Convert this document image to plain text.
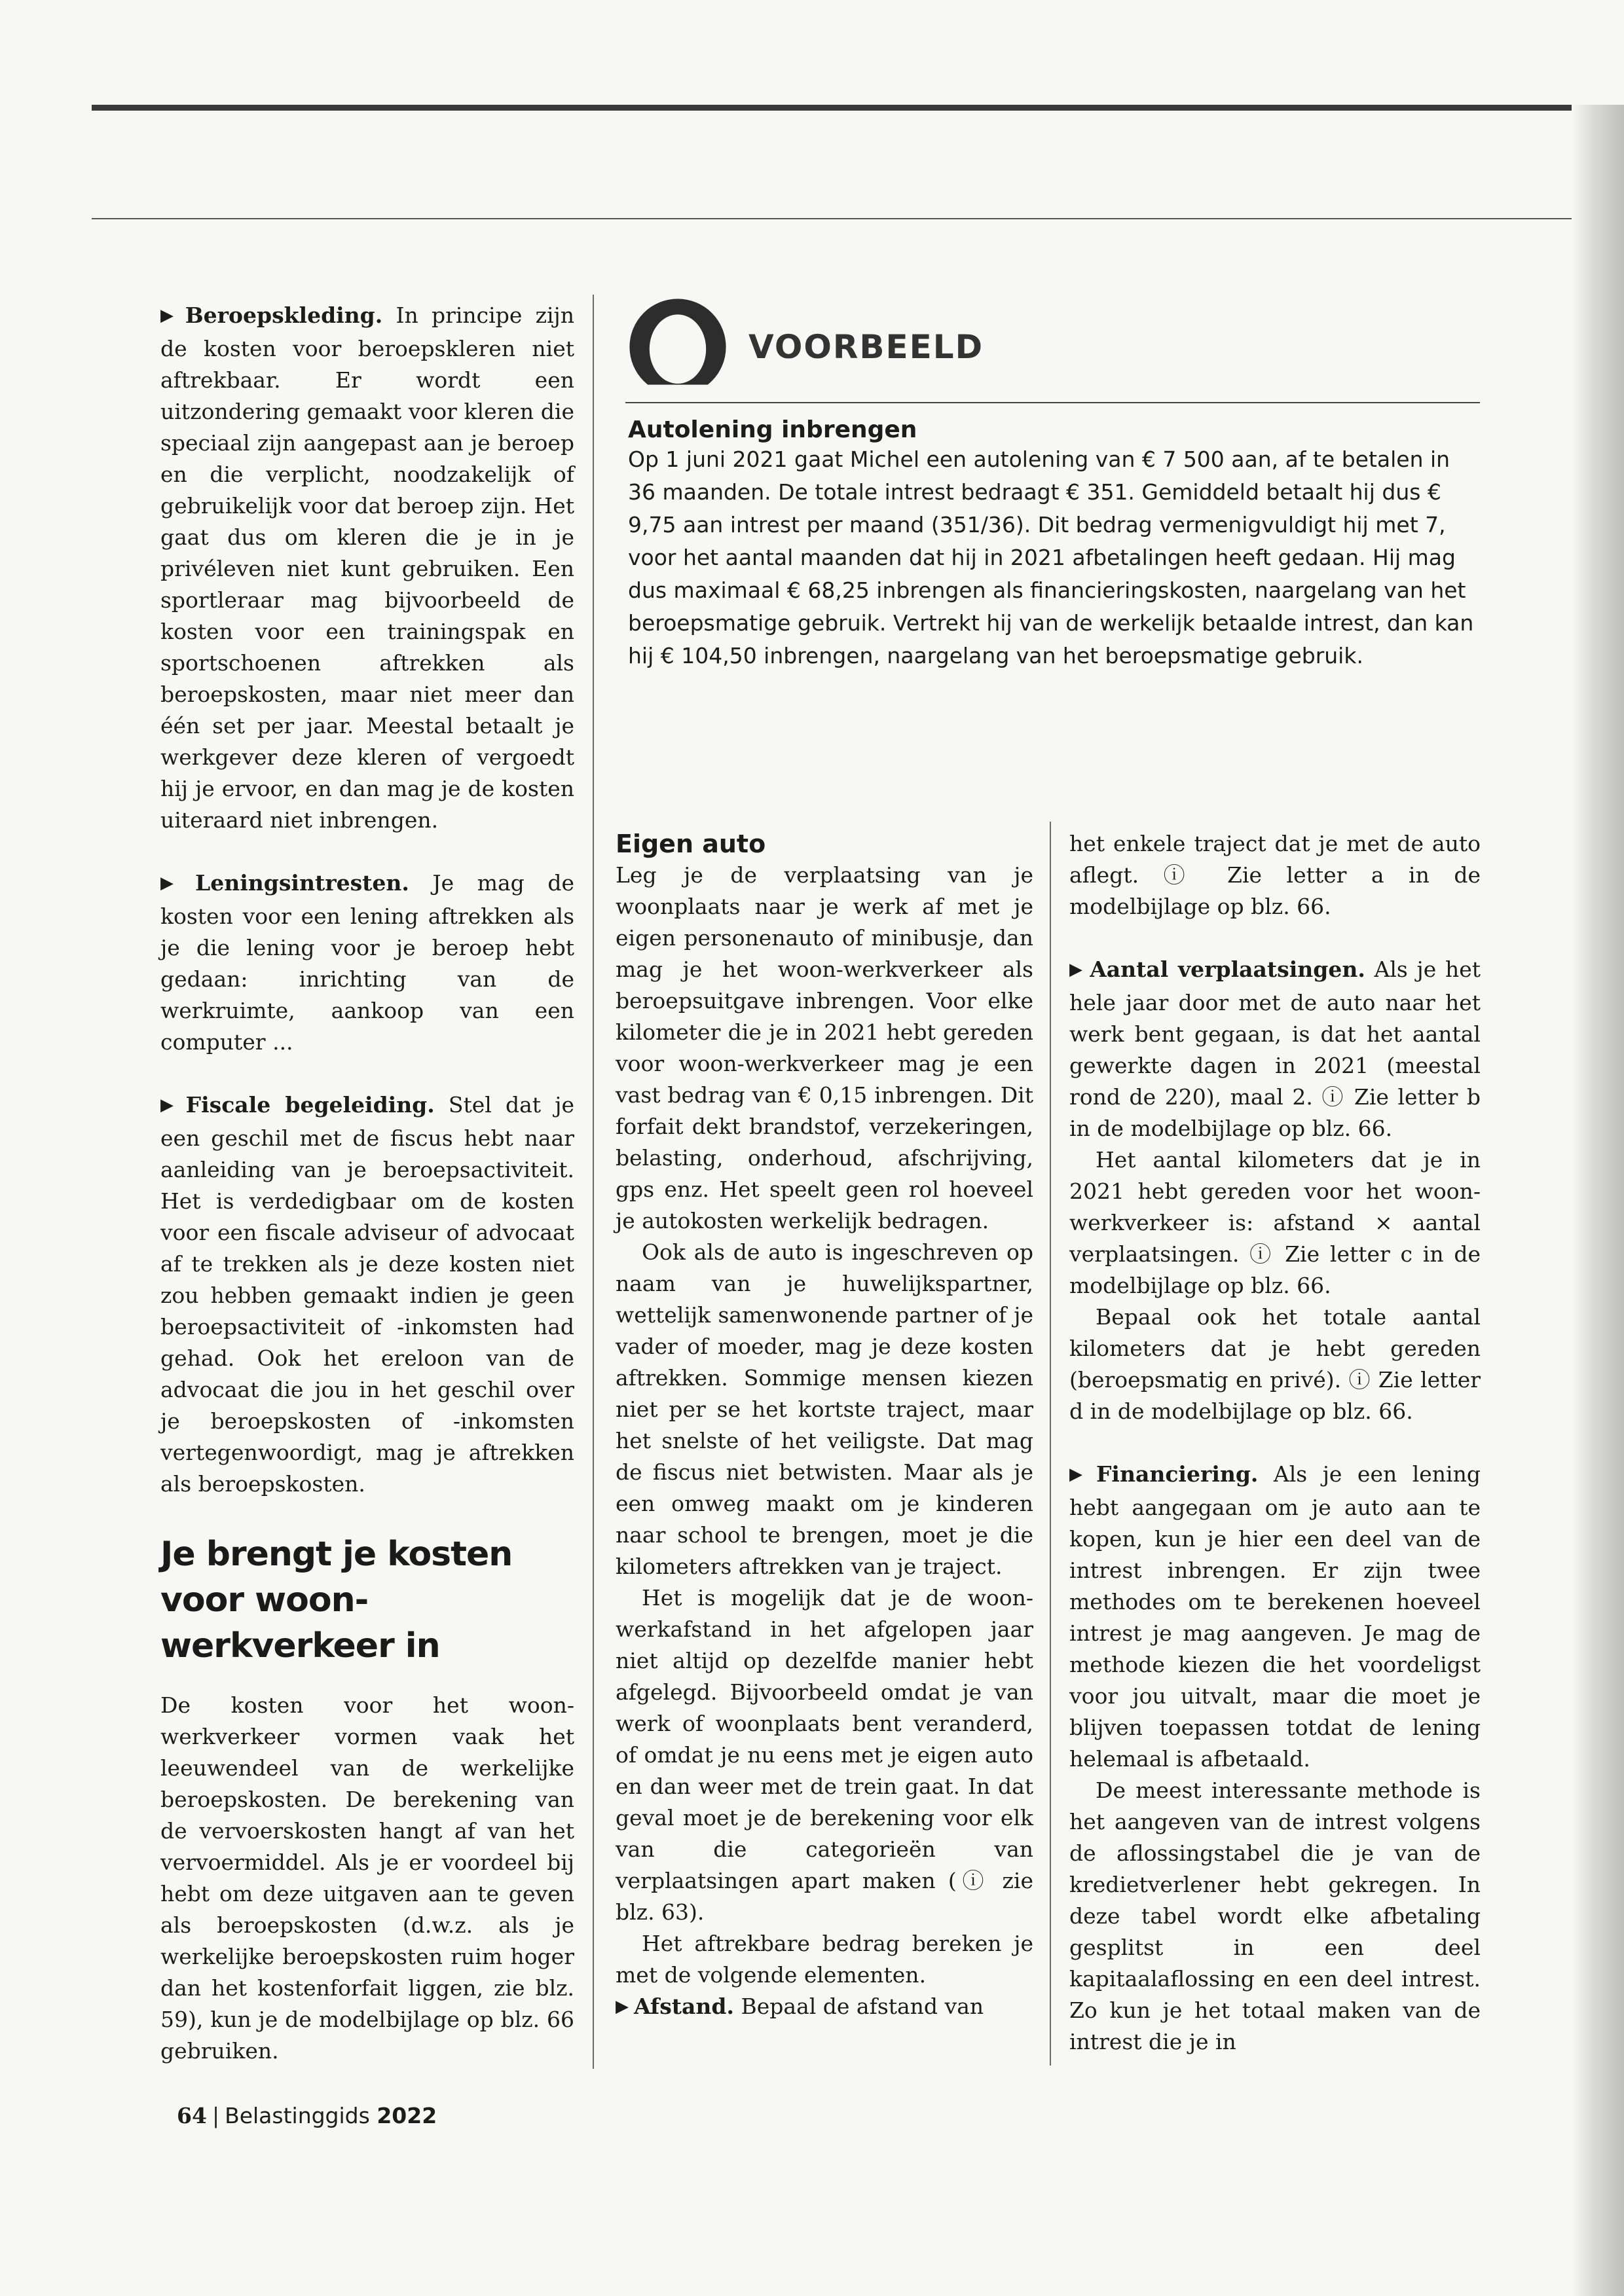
▶ Beroepskleding. In principe zijn de kosten voor beroepskleren niet aftrekbaar. Er wordt een uitzondering gemaakt voor kleren die speciaal zijn aangepast aan je beroep en die verplicht, noodzakelijk of gebruikelijk voor dat beroep zijn. Het gaat dus om kleren die je in je privéleven niet kunt gebruiken. Een sportleraar mag bijvoorbeeld de kosten voor een trainingspak en sportschoenen aftrekken als beroepskosten, maar niet meer dan één set per jaar. Meestal betaalt je werkgever deze kleren of vergoedt hij je ervoor, en dan mag je de kosten uiteraard niet inbrengen.

▶ Leningsintresten. Je mag de kosten voor een lening aftrekken als je die lening voor je beroep hebt gedaan: inrichting van de werkruimte, aankoop van een computer ...

▶ Fiscale begeleiding. Stel dat je een geschil met de fiscus hebt naar aanleiding van je beroepsactiviteit. Het is verdedigbaar om de kosten voor een fiscale adviseur of advocaat af te trekken als je deze kosten niet zou hebben gemaakt indien je geen beroepsactiviteit of -inkomsten had gehad. Ook het ereloon van de advocaat die jou in het geschil over je beroepskosten of -inkomsten vertegenwoordigt, mag je aftrekken als beroepskosten.

Je brengt je kosten voor woon-werkverkeer in

De kosten voor het woon-werkverkeer vormen vaak het leeuwendeel van de werkelijke beroepskosten. De berekening van de vervoerskosten hangt af van het vervoermiddel. Als je er voordeel bij hebt om deze uitgaven aan te geven als beroepskosten (d.w.z. als je werkelijke beroepskosten ruim hoger dan het kostenforfait liggen, zie blz. 59), kun je de modelbijlage op blz. 66 gebruiken.

VOORBEELD
Autolening inbrengen

Op 1 juni 2021 gaat Michel een autolening van € 7 500 aan, af te betalen in 36 maanden. De totale intrest bedraagt € 351. Gemiddeld betaalt hij dus € 9,75 aan intrest per maand (351/36). Dit bedrag vermenigvuldigt hij met 7, voor het aantal maanden dat hij in 2021 afbetalingen heeft gedaan. Hij mag dus maximaal € 68,25 inbrengen als financieringskosten, naargelang van het beroepsmatige gebruik. Vertrekt hij van de werkelijk betaalde intrest, dan kan hij € 104,50 inbrengen, naargelang van het beroepsmatige gebruik.

Eigen auto

Leg je de verplaatsing van je woonplaats naar je werk af met je eigen personenauto of minibusje, dan mag je het woon-werkverkeer als beroepsuitgave inbrengen. Voor elke kilometer die je in 2021 hebt gereden voor woon-werkverkeer mag je een vast bedrag van € 0,15 inbrengen. Dit forfait dekt brandstof, verzekeringen, belasting, onderhoud, afschrijving, gps enz. Het speelt geen rol hoeveel je autokosten werkelijk bedragen.

Ook als de auto is ingeschreven op naam van je huwelijkspartner, wettelijk samenwonende partner of je vader of moeder, mag je deze kosten aftrekken. Sommige mensen kiezen niet per se het kortste traject, maar het snelste of het veiligste. Dat mag de fiscus niet betwisten. Maar als je een omweg maakt om je kinderen naar school te brengen, moet je die kilometers aftrekken van je traject.

Het is mogelijk dat je de woon-werkafstand in het afgelopen jaar niet altijd op dezelfde manier hebt afgelegd. Bijvoorbeeld omdat je van werk of woonplaats bent veranderd, of omdat je nu eens met je eigen auto en dan weer met de trein gaat. In dat geval moet je de berekening voor elk van die categorieën van verplaatsingen apart maken (ⓘ zie blz. 63).

Het aftrekbare bedrag bereken je met de volgende elementen.

▶ Afstand. Bepaal de afstand van

het enkele traject dat je met de auto aflegt. ⓘ Zie letter a in de modelbijlage op blz. 66.

▶ Aantal verplaatsingen. Als je het hele jaar door met de auto naar het werk bent gegaan, is dat het aantal gewerkte dagen in 2021 (meestal rond de 220), maal 2. ⓘ Zie letter b in de modelbijlage op blz. 66.

Het aantal kilometers dat je in 2021 hebt gereden voor het woon-werkverkeer is: afstand × aantal verplaatsingen. ⓘ Zie letter c in de modelbijlage op blz. 66.

Bepaal ook het totale aantal kilometers dat je hebt gereden (beroepsmatig en privé). ⓘ Zie letter d in de modelbijlage op blz. 66.

▶ Financiering. Als je een lening hebt aangegaan om je auto aan te kopen, kun je hier een deel van de intrest inbrengen. Er zijn twee methodes om te berekenen hoeveel intrest je mag aangeven. Je mag de methode kiezen die het voordeligst voor jou uitvalt, maar die moet je blijven toepassen totdat de lening helemaal is afbetaald.

De meest interessante methode is het aangeven van de intrest volgens de aflossingstabel die je van de kredietverlener hebt gekregen. In deze tabel wordt elke afbetaling gesplitst in een deel kapitaalaflossing en een deel intrest. Zo kun je het totaal maken van de intrest die je in

64 | Belastinggids 2022
